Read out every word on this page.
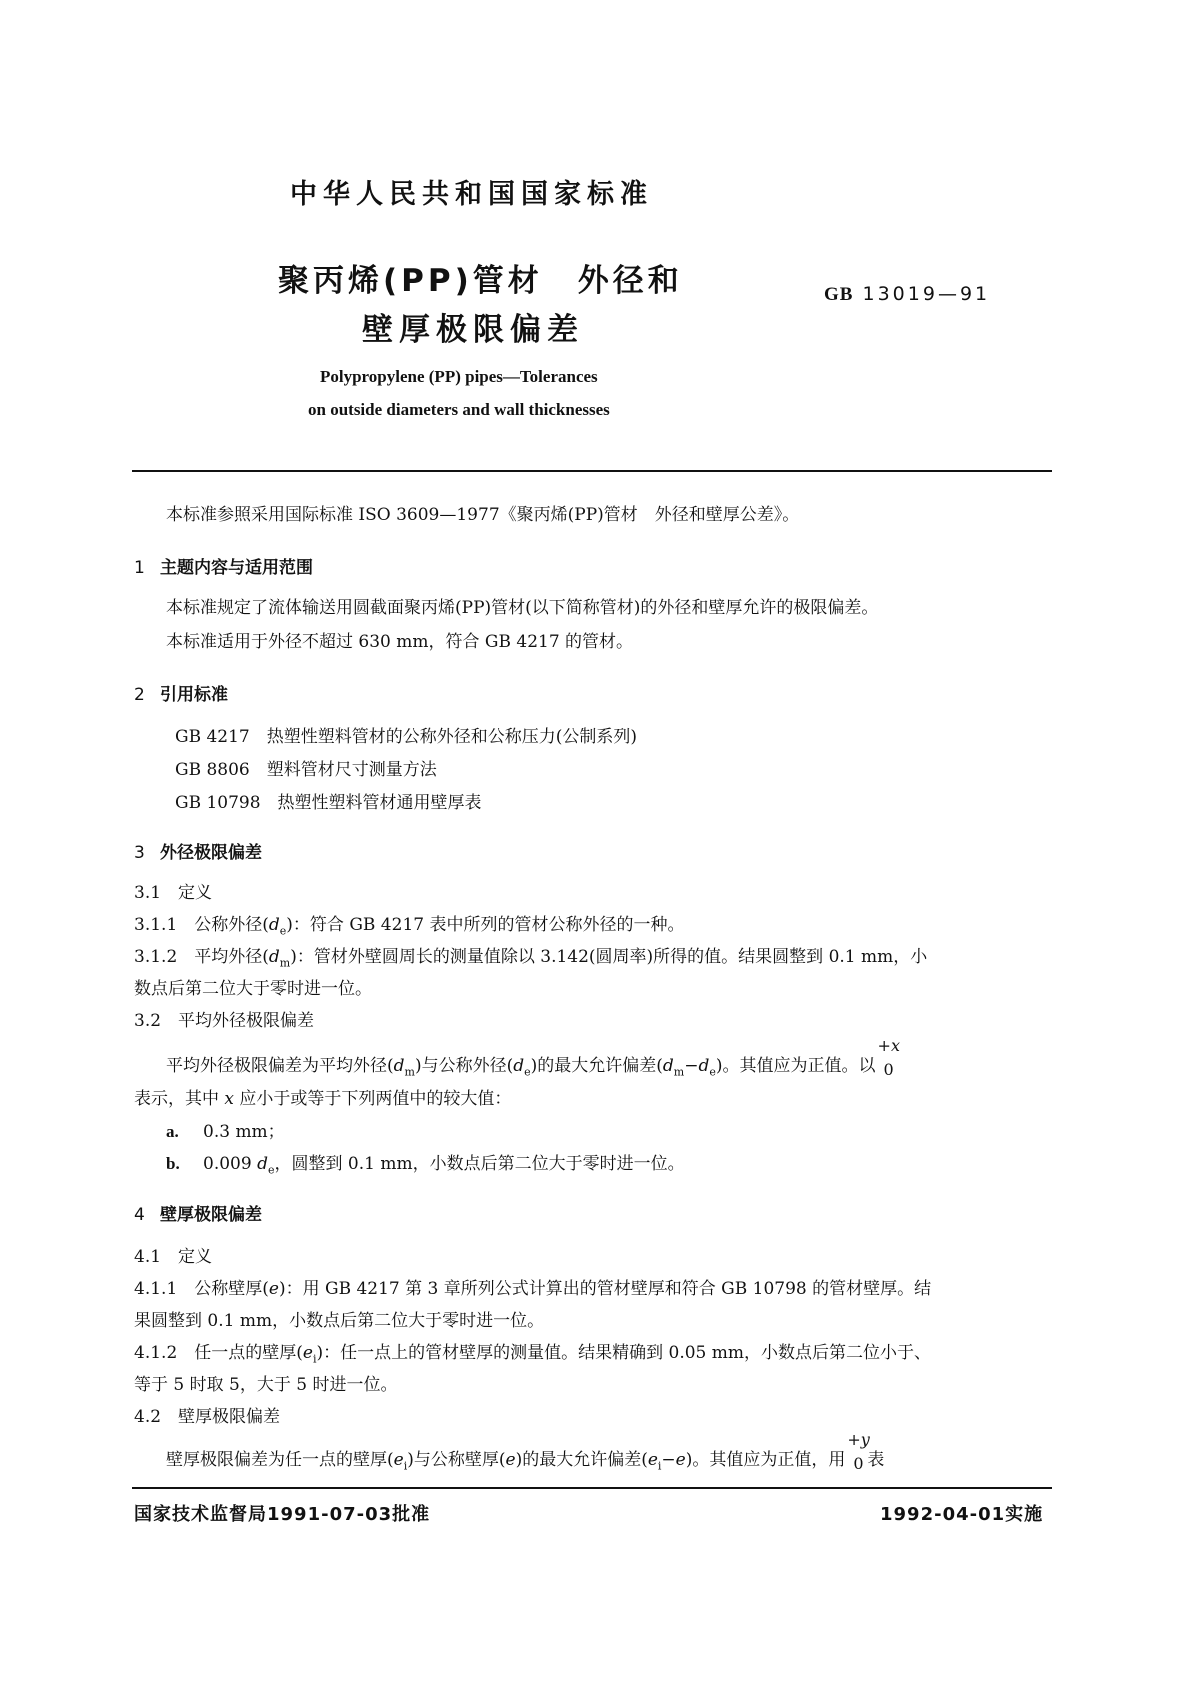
中华人民共和国国家标准
聚丙烯(PP)管材　外径和
壁厚极限偏差
GB 13019—91
Polypropylene (PP) pipes—Tolerances
on outside diameters and wall thicknesses
本标准参照采用国际标准 ISO 3609—1977《聚丙烯(PP)管材　外径和壁厚公差》。
1 主题内容与适用范围
本标准规定了流体输送用圆截面聚丙烯(PP)管材(以下简称管材)的外径和壁厚允许的极限偏差。
本标准适用于外径不超过 630 mm，符合 GB 4217 的管材。
2 引用标准
GB 4217　热塑性塑料管材的公称外径和公称压力(公制系列)
GB 8806　塑料管材尺寸测量方法
GB 10798　热塑性塑料管材通用壁厚表
3 外径极限偏差
3.1　定义
3.1.1　公称外径$(d_e)$：符合 GB 4217 表中所列的管材公称外径的一种。
3.1.2　平均外径$(d_m)$：管材外壁圆周长的测量值除以 3.142(圆周率)所得的值。结果圆整到 0.1 mm，小
数点后第二位大于零时进一位。
3.2　平均外径极限偏差
平均外径极限偏差为平均外径$(d_m)$与公称外径$(d_e)$的最大允许偏差$(d_m-d_e)$。其值应为正值。以
+x
0
表示，其中 x 应小于或等于下列两值中的较大值：
a. 0.3 mm；
b. 0.009 $d_e$，圆整到 0.1 mm，小数点后第二位大于零时进一位。
4 壁厚极限偏差
4.1　定义
4.1.1　公称壁厚(e)：用 GB 4217 第 3 章所列公式计算出的管材壁厚和符合 GB 10798 的管材壁厚。结
果圆整到 0.1 mm，小数点后第二位大于零时进一位。
4.1.2　任一点的壁厚$(e_i)$：任一点上的管材壁厚的测量值。结果精确到 0.05 mm，小数点后第二位小于、
等于 5 时取 5，大于 5 时进一位。
4.2　壁厚极限偏差
壁厚极限偏差为任一点的壁厚$(e_i)$与公称壁厚(e)的最大允许偏差$(e_i-e)$。其值应为正值，用
+y
0 表
国家技术监督局1991-07-03批准	1992-04-01实施
